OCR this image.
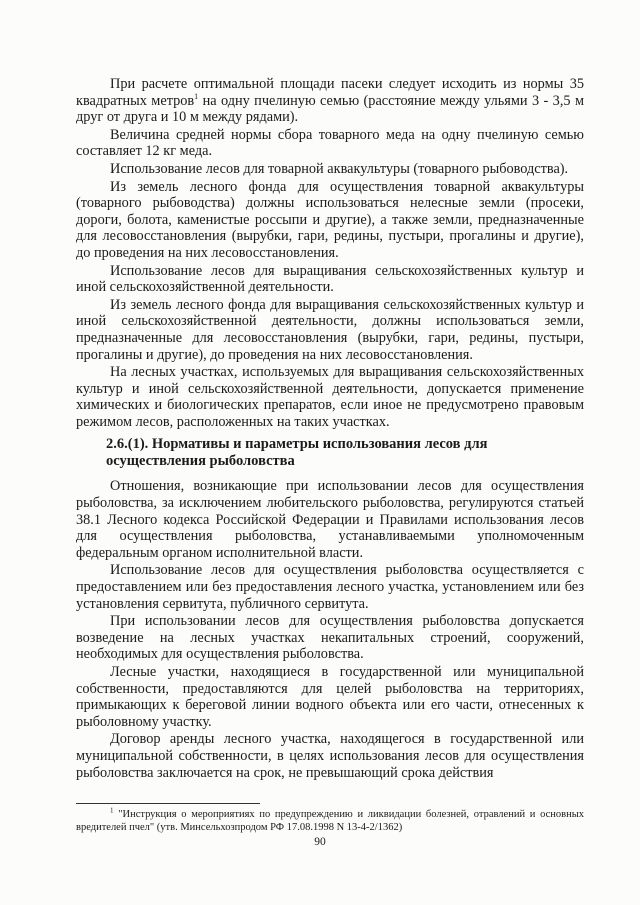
При расчете оптимальной площади пасеки следует исходить из нормы 35 квадратных метров$^1$ на одну пчелиную семью (расстояние между ульями 3 - 3,5 м друг от друга и 10 м между рядами).

Величина средней нормы сбора товарного меда на одну пчелиную семью составляет 12 кг меда.

Использование лесов для товарной аквакультуры (товарного рыбоводства).

Из земель лесного фонда для осуществления товарной аквакультуры (товарного рыбоводства) должны использоваться нелесные земли (просеки, дороги, болота, каменистые россыпи и другие), а также земли, предназначенные для лесовосстановления (вырубки, гари, редины, пустыри, прогалины и другие), до проведения на них лесовосстановления.

Использование лесов для выращивания сельскохозяйственных культур и иной сельскохозяйственной деятельности.

Из земель лесного фонда для выращивания сельскохозяйственных культур и иной сельскохозяйственной деятельности, должны использоваться земли, предназначенные для лесовосстановления (вырубки, гари, редины, пустыри, прогалины и другие), до проведения на них лесовосстановления.

На лесных участках, используемых для выращивания сельскохозяйственных культур и иной сельскохозяйственной деятельности, допускается применение химических и биологических препаратов, если иное не предусмотрено правовым режимом лесов, расположенных на таких участках.

2.6.(1). Нормативы и параметры использования лесов для осуществления рыболовства

Отношения, возникающие при использовании лесов для осуществления рыболовства, за исключением любительского рыболовства, регулируются статьей 38.1 Лесного кодекса Российской Федерации и Правилами использования лесов для осуществления рыболовства, устанавливаемыми уполномоченным федеральным органом исполнительной власти.

Использование лесов для осуществления рыболовства осуществляется с предоставлением или без предоставления лесного участка, установлением или без установления сервитута, публичного сервитута.

При использовании лесов для осуществления рыболовства допускается возведение на лесных участках некапитальных строений, сооружений, необходимых для осуществления рыболовства.

Лесные участки, находящиеся в государственной или муниципальной собственности, предоставляются для целей рыболовства на территориях, примыкающих к береговой линии водного объекта или его части, отнесенных к рыболовному участку.

Договор аренды лесного участка, находящегося в государственной или муниципальной собственности, в целях использования лесов для осуществления рыболовства заключается на срок, не превышающий срока действия

$^1$ "Инструкция о мероприятиях по предупреждению и ликвидации болезней, отравлений и основных вредителей пчел" (утв. Минсельхозпродом РФ 17.08.1998 N 13-4-2/1362)
90
